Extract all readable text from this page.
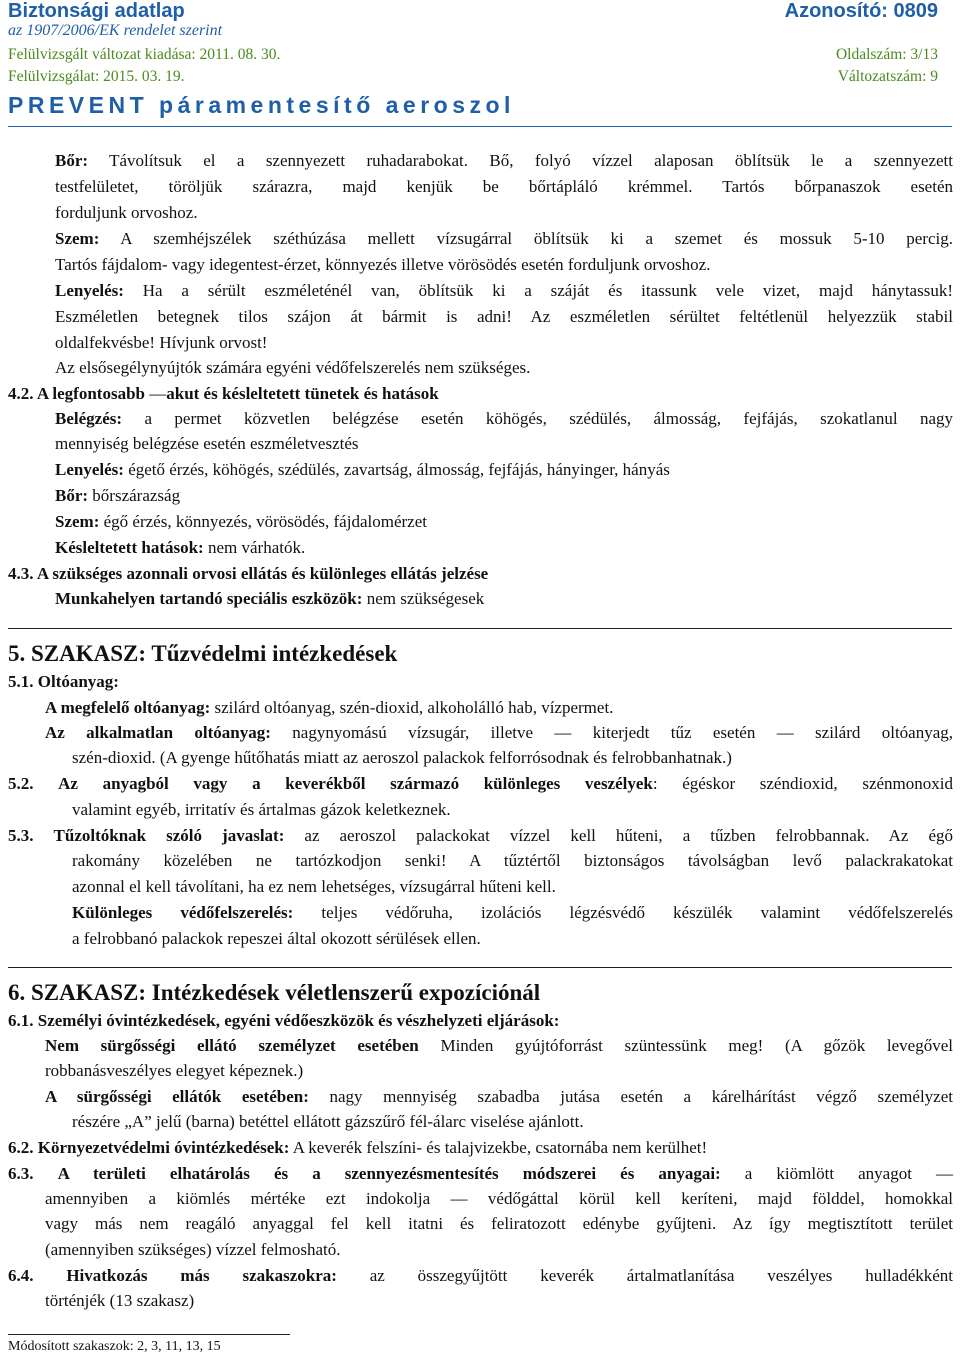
Biztonsági adatlap	Azonosító: 0809
az 1907/2006/EK rendelet szerint
Felülvizsgált változat kiadása: 2011. 08. 30.	Oldalszám: 3/13
Felülvizsgálat: 2015. 03. 19.	Változatszám: 9
PREVENT páramentesítő aeroszol
Bőr: Távolítsuk el a szennyezett ruhadarabokat. Bő, folyó vízzel alaposan öblítsük le a szennyezett
testfelületet, töröljük szárazra, majd kenjük be bőrtápláló krémmel. Tartós bőrpanaszok esetén
forduljunk orvoshoz.
Szem: A szemhéjszélek széthúzása mellett vízsugárral öblítsük ki a szemet és mossuk 5-10 percig.
Tartós fájdalom- vagy idegentest-érzet, könnyezés illetve vörösödés esetén forduljunk orvoshoz.
Lenyelés: Ha a sérült eszméleténél van, öblítsük ki a száját és itassunk vele vizet, majd hánytassuk!
Eszméletlen betegnek tilos szájon át bármit is adni! Az eszméletlen sérültet feltétlenül helyezzük stabil
oldalfekvésbe! Hívjunk orvost!
Az elsősegélynyújtók számára egyéni védőfelszerelés nem szükséges.
4.2. A legfontosabb —akut és késleltetett tünetek és hatások
Belégzés: a permet közvetlen belégzése esetén köhögés, szédülés, álmosság, fejfájás, szokatlanul nagy
mennyiség belégzése esetén eszméletvesztés
Lenyelés: égető érzés, köhögés, szédülés, zavartság, álmosság, fejfájás, hányinger, hányás
Bőr: bőrszárazság
Szem: égő érzés, könnyezés, vörösödés, fájdalomérzet
Késleltetett hatások: nem várhatók.
4.3. A szükséges azonnali orvosi ellátás és különleges ellátás jelzése
Munkahelyen tartandó speciális eszközök: nem szükségesek
5. SZAKASZ: Tűzvédelmi intézkedések
5.1. Oltóanyag:
A megfelelő oltóanyag: szilárd oltóanyag, szén-dioxid, alkoholálló hab, vízpermet.
Az alkalmatlan oltóanyag: nagynyomású vízsugár, illetve — kiterjedt tűz esetén — szilárd oltóanyag,
szén-dioxid. (A gyenge hűtőhatás miatt az aeroszol palackok felforrósodnak és felrobbanhatnak.)
5.2. Az anyagból vagy a keverékből származó különleges veszélyek: égéskor széndioxid, szénmonoxid
valamint egyéb, irritatív és ártalmas gázok keletkeznek.
5.3. Tűzoltóknak szóló javaslat: az aeroszol palackokat vízzel kell hűteni, a tűzben felrobbannak. Az égő
rakomány közelében ne tartózkodjon senki! A tűztértől biztonságos távolságban levő palackrakatokat
azonnal el kell távolítani, ha ez nem lehetséges, vízsugárral hűteni kell.
Különleges védőfelszerelés: teljes védőruha, izolációs légzésvédő készülék valamint védőfelszerelés
a felrobbanó palackok repeszei által okozott sérülések ellen.
6. SZAKASZ: Intézkedések véletlenszerű expozíciónál
6.1. Személyi óvintézkedések, egyéni védőeszközök és vészhelyzeti eljárások:
Nem sürgősségi ellátó személyzet esetében Minden gyújtóforrást szüntessünk meg! (A gőzök levegővel
robbanásveszélyes elegyet képeznek.)
A sürgősségi ellátók esetében: nagy mennyiség szabadba jutása esetén a kárelhárítást végző személyzet
részére „A” jelű (barna) betéttel ellátott gázszűrő fél-álarc viselése ajánlott.
6.2. Környezetvédelmi óvintézkedések: A keverék felszíni- és talajvizekbe, csatornába nem kerülhet!
6.3. A területi elhatárolás és a szennyezésmentesítés módszerei és anyagai: a kiömlött anyagot —
amennyiben a kiömlés mértéke ezt indokolja — védőgáttal körül kell keríteni, majd földdel, homokkal
vagy más nem reagáló anyaggal fel kell itatni és feliratozott edénybe gyűjteni. Az így megtisztított terület
(amennyiben szükséges) vízzel felmosható.
6.4. Hivatkozás más szakaszokra: az összegyűjtött keverék ártalmatlanítása veszélyes hulladékként
történjék (13 szakasz)
Módosított szakaszok: 2, 3, 11, 13, 15
